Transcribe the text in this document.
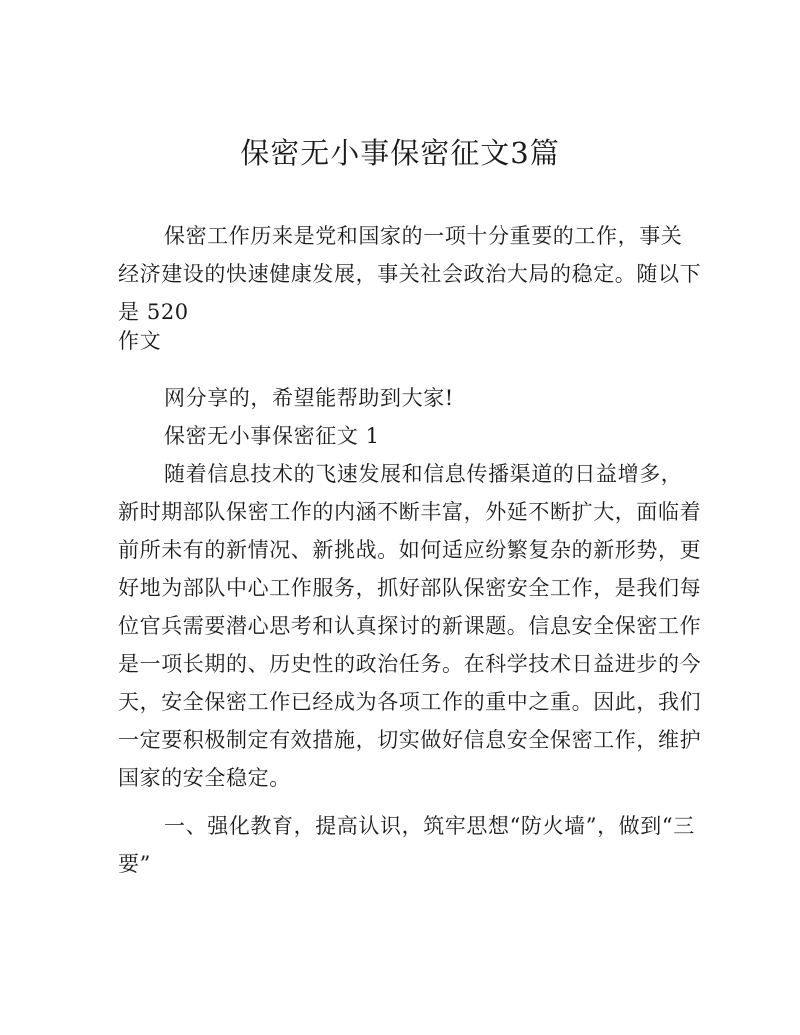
保密无小事保密征文3篇
保密工作历来是党和国家的一项十分重要的工作，事关
经济建设的快速健康发展，事关社会政治大局的稳定。随以下
是 520
作文
网分享的，希望能帮助到大家!
保密无小事保密征文 1
随着信息技术的飞速发展和信息传播渠道的日益增多，
新时期部队保密工作的内涵不断丰富，外延不断扩大，面临着
前所未有的新情况、新挑战。如何适应纷繁复杂的新形势，更
好地为部队中心工作服务，抓好部队保密安全工作，是我们每
位官兵需要潜心思考和认真探讨的新课题。信息安全保密工作
是一项长期的、历史性的政治任务。在科学技术日益进步的今
天，安全保密工作已经成为各项工作的重中之重。因此，我们
一定要积极制定有效措施，切实做好信息安全保密工作，维护
国家的安全稳定。
一、强化教育，提高认识，筑牢思想“防火墙”，做到“三
要”
